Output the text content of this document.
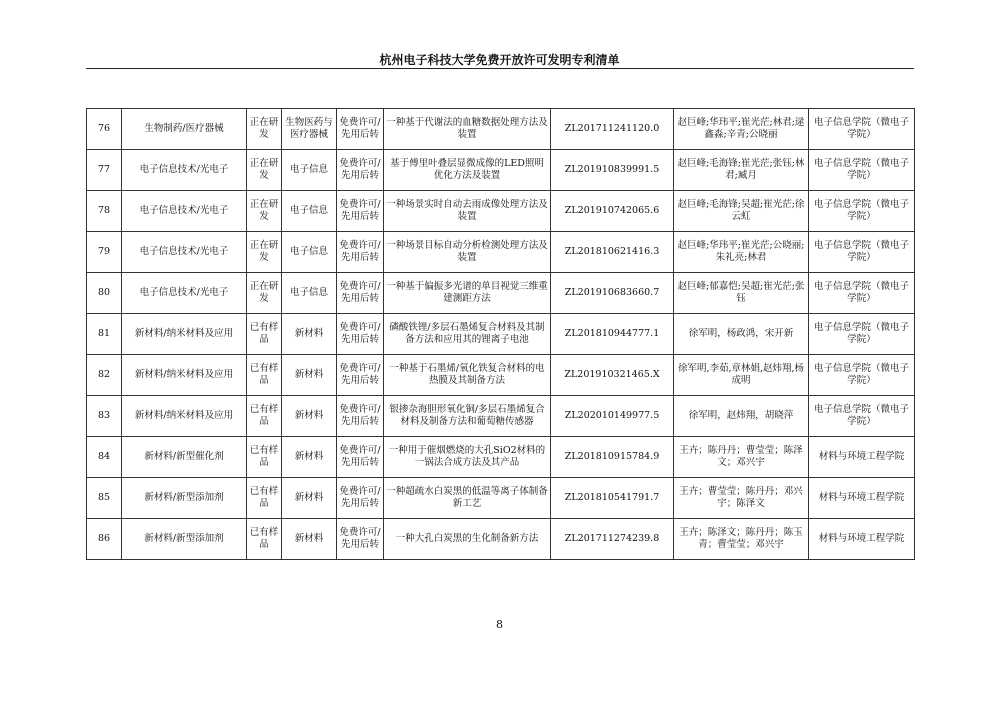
杭州电子科技大学免费开放许可发明专利清单
76	生物制药/医疗器械	正在研发	生物医药与医疗器械	免费许可/先用后转	一种基于代谢法的血糖数据处理方法及装置	ZL201711241120.0	赵巨峰;华玮平;崔光茫;林君;逯鑫淼;辛青;公晓丽	电子信息学院（微电子学院）
77	电子信息技术/光电子	正在研发	电子信息	免费许可/先用后转	基于傅里叶叠层显微成像的LED照明优化方法及装置	ZL201910839991.5	赵巨峰;毛海锋;崔光茫;张钰;林君;臧月	电子信息学院（微电子学院）
78	电子信息技术/光电子	正在研发	电子信息	免费许可/先用后转	一种场景实时自动去雨成像处理方法及装置	ZL201910742065.6	赵巨峰;毛海锋;吴超;崔光茫;徐云虹	电子信息学院（微电子学院）
79	电子信息技术/光电子	正在研发	电子信息	免费许可/先用后转	一种场景目标自动分析检测处理方法及装置	ZL201810621416.3	赵巨峰;华玮平;崔光茫;公晓丽;朱礼亮;林君	电子信息学院（微电子学院）
80	电子信息技术/光电子	正在研发	电子信息	免费许可/先用后转	一种基于偏振多光谱的单目视觉三维重建测距方法	ZL201910683660.7	赵巨峰;郁嘉恺;吴超;崔光茫;张钰	电子信息学院（微电子学院）
81	新材料/纳米材料及应用	已有样品	新材料	免费许可/先用后转	磷酸铁锂/多层石墨烯复合材料及其制备方法和应用其的锂离子电池	ZL201810944777.1	徐军明，杨政鸿，宋开新	电子信息学院（微电子学院）
82	新材料/纳米材料及应用	已有样品	新材料	免费许可/先用后转	一种基于石墨烯/氧化铁复合材料的电热膜及其制备方法	ZL201910321465.X	徐军明,李茹,章林娟,赵炜翔,杨成明	电子信息学院（微电子学院）
83	新材料/纳米材料及应用	已有样品	新材料	免费许可/先用后转	银掺杂海胆形氧化铜/多层石墨烯复合材料及制备方法和葡萄糖传感器	ZL202010149977.5	徐军明，赵炜翔，胡晓萍	电子信息学院（微电子学院）
84	新材料/新型催化剂	已有样品	新材料	免费许可/先用后转	一种用于催烟燃烧的大孔SiO2材料的一锅法合成方法及其产品	ZL201810915784.9	王卉；陈丹丹；曹莹莹；陈泽文；邓兴宇	材料与环境工程学院
85	新材料/新型添加剂	已有样品	新材料	免费许可/先用后转	一种超疏水白炭黑的低温等离子体制备新工艺	ZL201810541791.7	王卉；曹莹莹；陈丹丹；邓兴宇；陈泽文	材料与环境工程学院
86	新材料/新型添加剂	已有样品	新材料	免费许可/先用后转	一种大孔白炭黑的生化制备新方法	ZL201711274239.8	王卉；陈泽文；陈丹丹；陈玉青；曹莹莹；邓兴宇	材料与环境工程学院
8
